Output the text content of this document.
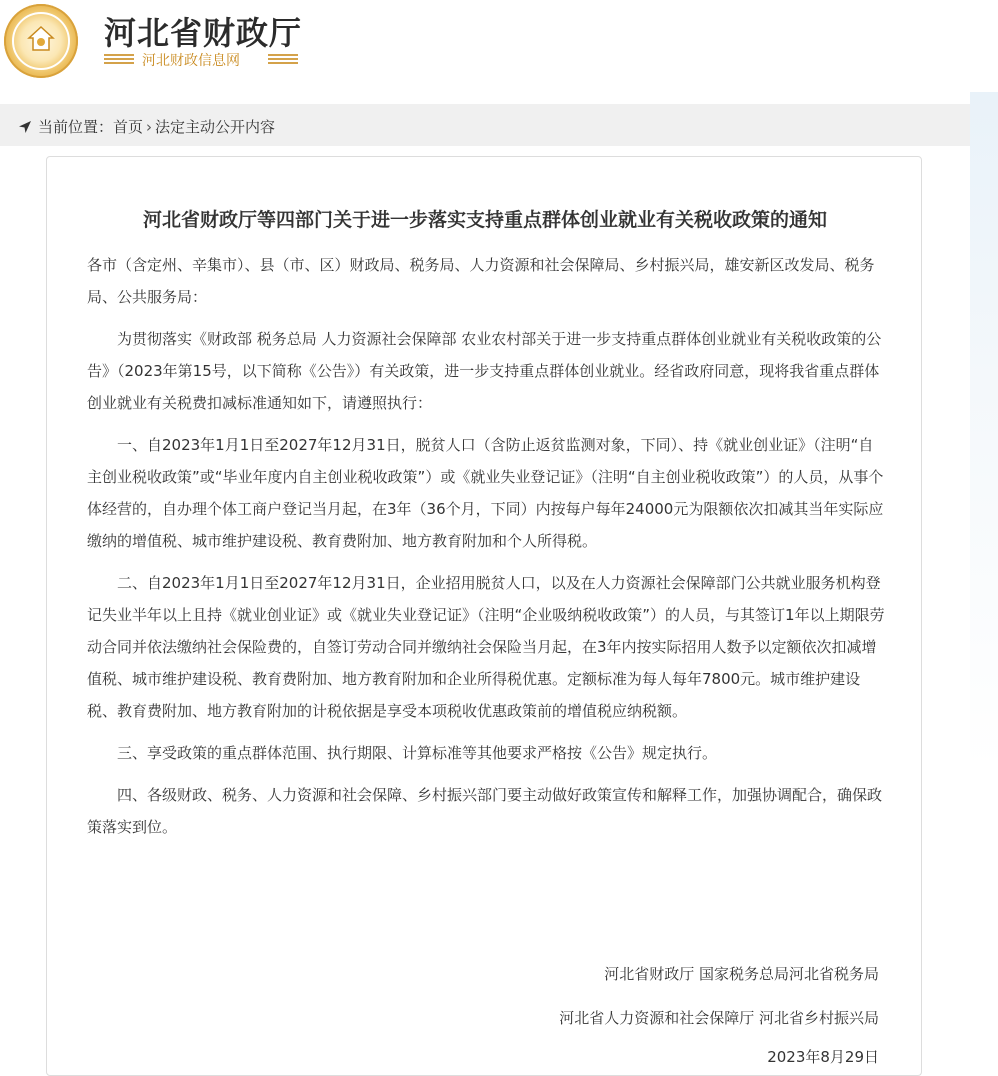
河北省财政厅
河北财政信息网
当前位置： 首页 › 法定主动公开内容
河北省财政厅等四部门关于进一步落实支持重点群体创业就业有关税收政策的通知

各市（含定州、辛集市）、县（市、区）财政局、税务局、人力资源和社会保障局、乡村振兴局，雄安新区改发局、税务局、公共服务局：

为贯彻落实《财政部 税务总局 人力资源社会保障部 农业农村部关于进一步支持重点群体创业就业有关税收政策的公告》（2023年第15号，以下简称《公告》）有关政策，进一步支持重点群体创业就业。经省政府同意，现将我省重点群体创业就业有关税费扣减标准通知如下，请遵照执行：

一、自2023年1月1日至2027年12月31日，脱贫人口（含防止返贫监测对象，下同）、持《就业创业证》（注明“自主创业税收政策”或“毕业年度内自主创业税收政策”）或《就业失业登记证》（注明“自主创业税收政策”）的人员，从事个体经营的，自办理个体工商户登记当月起，在3年（36个月，下同）内按每户每年24000元为限额依次扣减其当年实际应缴纳的增值税、城市维护建设税、教育费附加、地方教育附加和个人所得税。

二、自2023年1月1日至2027年12月31日，企业招用脱贫人口，以及在人力资源社会保障部门公共就业服务机构登记失业半年以上且持《就业创业证》或《就业失业登记证》（注明“企业吸纳税收政策”）的人员，与其签订1年以上期限劳动合同并依法缴纳社会保险费的，自签订劳动合同并缴纳社会保险当月起，在3年内按实际招用人数予以定额依次扣减增值税、城市维护建设税、教育费附加、地方教育附加和企业所得税优惠。定额标准为每人每年7800元。城市维护建设税、教育费附加、地方教育附加的计税依据是享受本项税收优惠政策前的增值税应纳税额。

三、享受政策的重点群体范围、执行期限、计算标准等其他要求严格按《公告》规定执行。

四、各级财政、税务、人力资源和社会保障、乡村振兴部门要主动做好政策宣传和解释工作，加强协调配合，确保政策落实到位。

河北省财政厅 国家税务总局河北省税务局
河北省人力资源和社会保障厅 河北省乡村振兴局
2023年8月29日
